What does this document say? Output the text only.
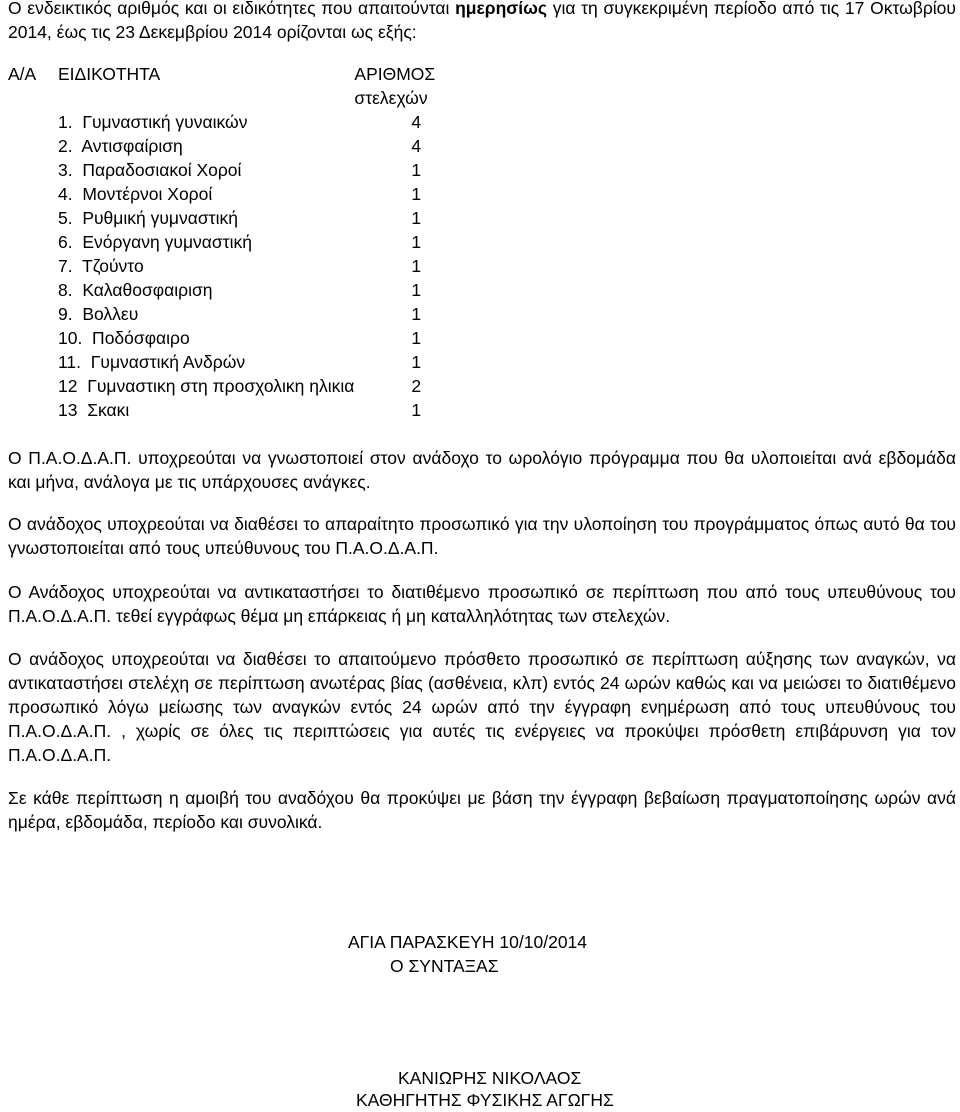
Ο ενδεικτικός αριθμός και οι ειδικότητες που απαιτούνται ημερησίως για τη συγκεκριμένη περίοδο από τις 17 Οκτωβρίου 2014, έως τις 23 Δεκεμβρίου 2014 ορίζονται ως εξής:

Α/Α	ΕΙΔΙΚΟΤΗΤΑ	ΑΡΙΘΜΟΣ
στελεχών

1.  Γυμναστική γυναικών		4
2.  Αντισφαίριση		4
3.  Παραδοσιακοί Χοροί		1
4.  Μοντέρνοι Χοροί		1
5.  Ρυθμική γυμναστική		1
6.  Ενόργανη γυμναστική		1
7.  Τζούντο		1
8.  Καλαθοσφαιριση		1
9.  Βολλευ		1
10.  Ποδόσφαιρο		1
11.  Γυμναστική Ανδρών		1
12  Γυμναστικη στη προσχολικη ηλικια		2
13  Σκακι		1

Ο Π.Α.Ο.Δ.Α.Π. υποχρεούται να γνωστοποιεί στον ανάδοχο το ωρολόγιο πρόγραμμα που θα υλοποιείται ανά εβδομάδα και μήνα, ανάλογα με τις υπάρχουσες ανάγκες.

Ο ανάδοχος υποχρεούται να διαθέσει το απαραίτητο προσωπικό για την υλοποίηση του προγράμματος όπως αυτό θα του γνωστοποιείται από τους υπεύθυνους του Π.Α.Ο.Δ.Α.Π.

Ο Ανάδοχος υποχρεούται να αντικαταστήσει το διατιθέμενο προσωπικό σε περίπτωση που από τους υπευθύνους του Π.Α.Ο.Δ.Α.Π. τεθεί εγγράφως θέμα μη επάρκειας ή μη καταλληλότητας των στελεχών.

Ο ανάδοχος υποχρεούται να διαθέσει το απαιτούμενο πρόσθετο προσωπικό σε περίπτωση αύξησης των αναγκών, να αντικαταστήσει στελέχη σε περίπτωση ανωτέρας βίας (ασθένεια, κλπ) εντός 24 ωρών καθώς και να μειώσει το διατιθέμενο προσωπικό λόγω μείωσης των αναγκών εντός 24 ωρών από την έγγραφη ενημέρωση από τους υπευθύνους του Π.Α.Ο.Δ.Α.Π. , χωρίς σε όλες τις περιπτώσεις για αυτές τις ενέργειες να προκύψει πρόσθετη επιβάρυνση για τον Π.Α.Ο.Δ.Α.Π.

Σε κάθε περίπτωση η αμοιβή του αναδόχου θα προκύψει με βάση την έγγραφη βεβαίωση πραγματοποίησης ωρών ανά ημέρα, εβδομάδα, περίοδο και συνολικά.

ΑΓΙΑ ΠΑΡΑΣΚΕΥΗ 10/10/2014
Ο ΣΥΝΤΑΞΑΣ
ΚΑΝΙΩΡΗΣ ΝΙΚΟΛΑΟΣ
ΚΑΘΗΓΗΤΗΣ ΦΥΣΙΚΗΣ ΑΓΩΓΗΣ
